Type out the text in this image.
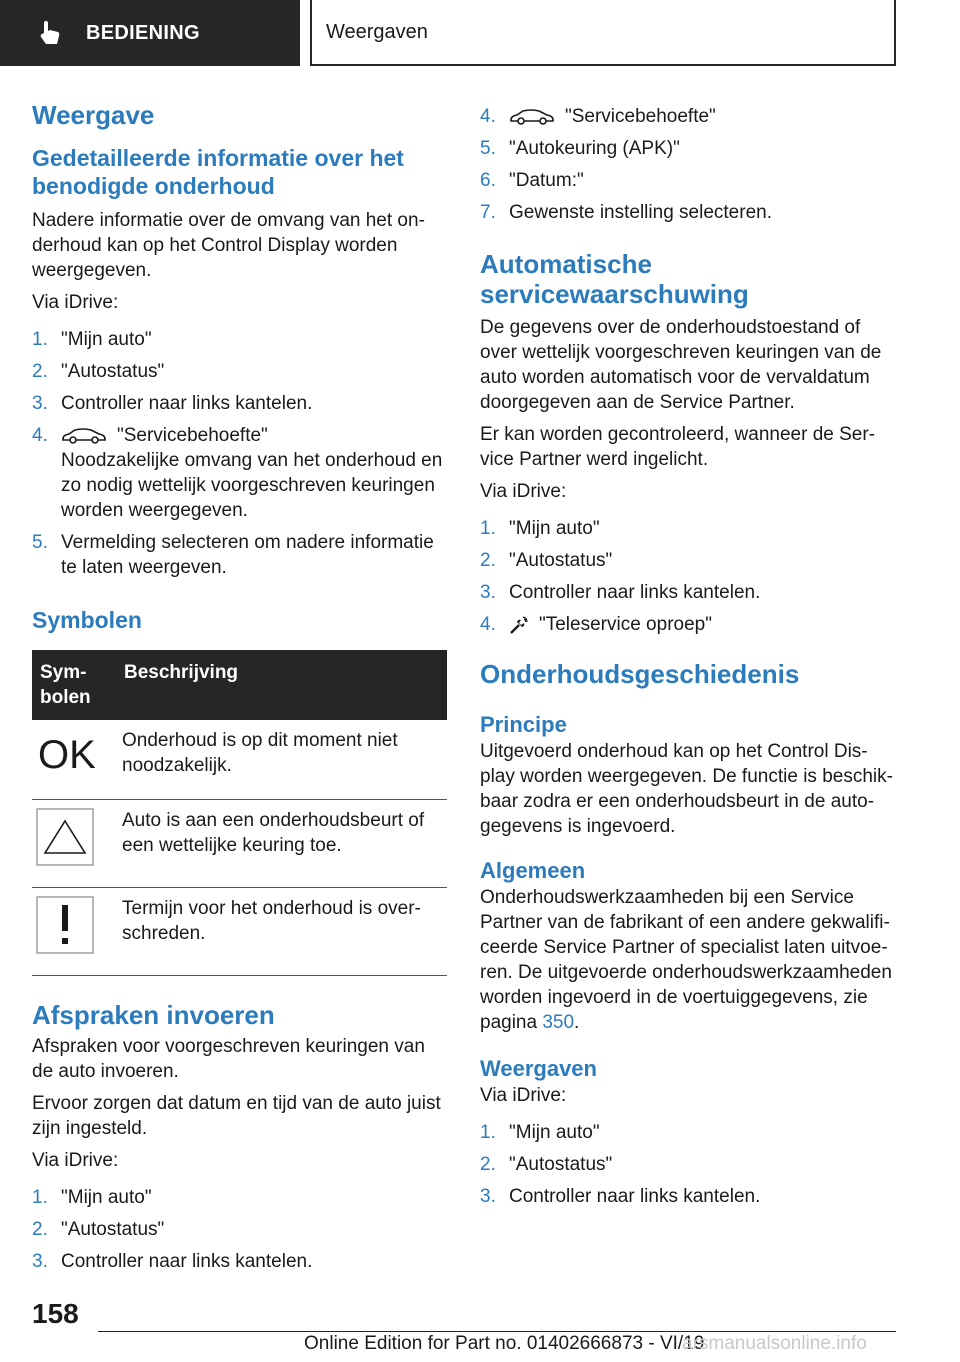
BEDIENING	Weergaven
Weergave
Gedetailleerde informatie over het benodigde onderhoud

Nadere informatie over de omvang van het onderhoud kan op het Control Display worden weergegeven.

Via iDrive:

1. "Mijn auto"
2. "Autostatus"
3. Controller naar links kantelen.
4.	"Servicebehoefte"
Noodzakelijke omvang van het onderhoud en zo nodig wettelijk voorgeschreven keuringen worden weergegeven.
5. Vermelding selecteren om nadere informatie te laten weergeven.
Symbolen
Symbolen	Beschrijving

OK	Onderhoud is op dit moment niet noodzakelijk.
	Auto is aan een onderhoudsbeurt of een wettelijke keuring toe.
	Termijn voor het onderhoud is overschreden.
Afspraken invoeren

Afspraken voor voorgeschreven keuringen van de auto invoeren.

Ervoor zorgen dat datum en tijd van de auto juist zijn ingesteld.

Via iDrive:

1. "Mijn auto"
2. "Autostatus"
3. Controller naar links kantelen.
4.	"Servicebehoefte"
5. "Autokeuring (APK)"
6. "Datum:"
7. Gewenste instelling selecteren.
Automatische servicewaarschuwing

De gegevens over de onderhoudstoestand of over wettelijk voorgeschreven keuringen van de auto worden automatisch voor de vervaldatum doorgegeven aan de Service Partner.

Er kan worden gecontroleerd, wanneer de Service Partner werd ingelicht.

Via iDrive:

1. "Mijn auto"
2. "Autostatus"
3. Controller naar links kantelen.
4. "Teleservice oproep"
Onderhoudsgeschiedenis
Principe

Uitgevoerd onderhoud kan op het Control Display worden weergegeven. De functie is beschikbaar zodra er een onderhoudsbeurt in de autogegevens is ingevoerd.

Algemeen

Onderhoudswerkzaamheden bij een Service Partner van de fabrikant of een andere gekwalificeerde Service Partner of specialist laten uitvoeren. De uitgevoerde onderhoudswerkzaamheden worden ingevoerd in de voertuiggegevens, zie pagina 350.

Weergaven

Via iDrive:

1. "Mijn auto"
2. "Autostatus"
3. Controller naar links kantelen.
158
Online Edition for Part no. 01402666873 - VI/19
arsmanualsonline.info
